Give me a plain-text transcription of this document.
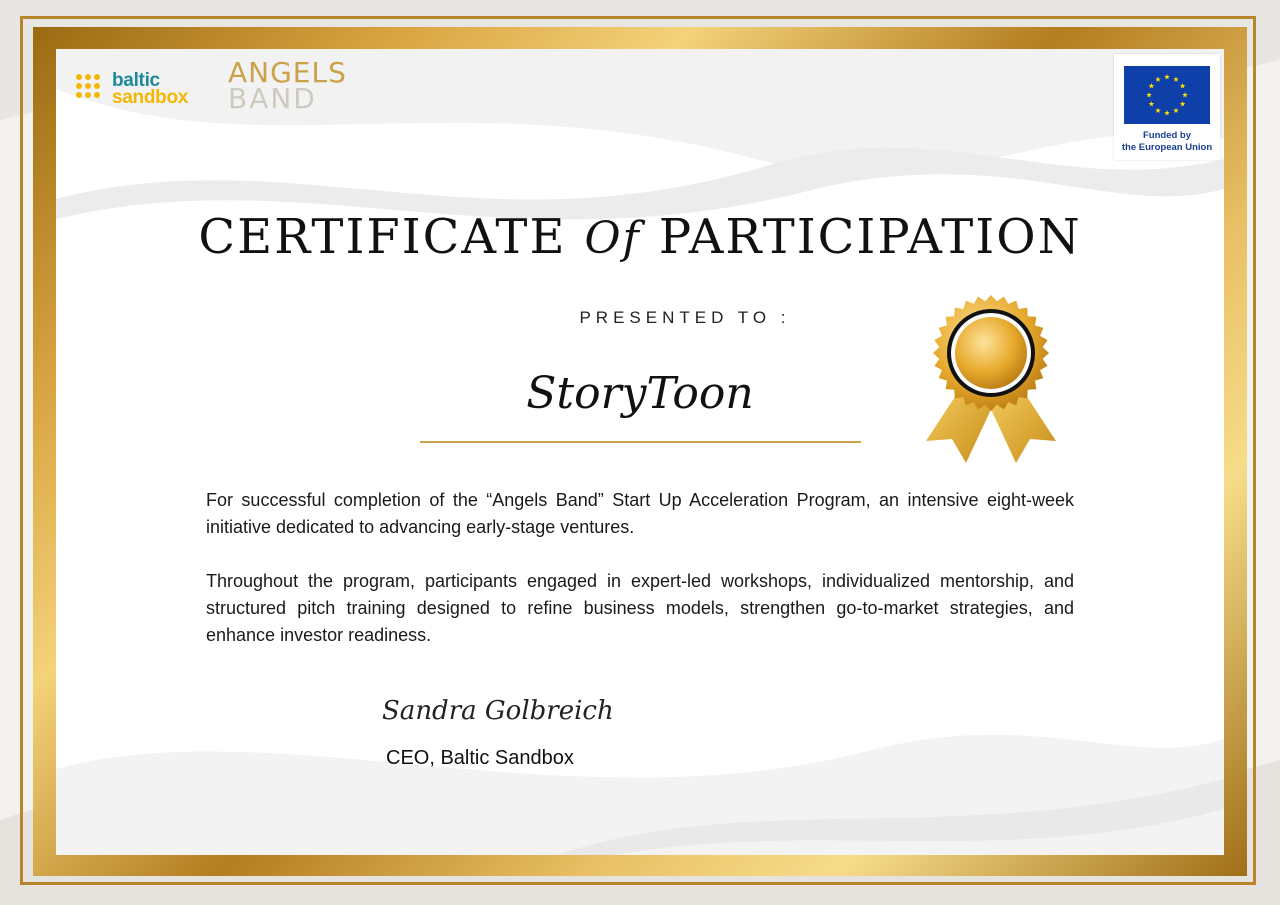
baltic
sandbox
ANGELS
BAND
Funded by
the European Union
CERTIFICATE Of PARTICIPATION
PRESENTED TO :
StoryToon

For successful completion of the “Angels Band” Start Up Acceleration Program, an intensive eight-week initiative dedicated to advancing early-stage ventures.

Throughout the program, participants engaged in expert-led workshops, individualized mentorship, and structured pitch training designed to refine business models, strengthen go-to-market strategies, and enhance investor readiness.

Sandra Golbreich
CEO, Baltic Sandbox
